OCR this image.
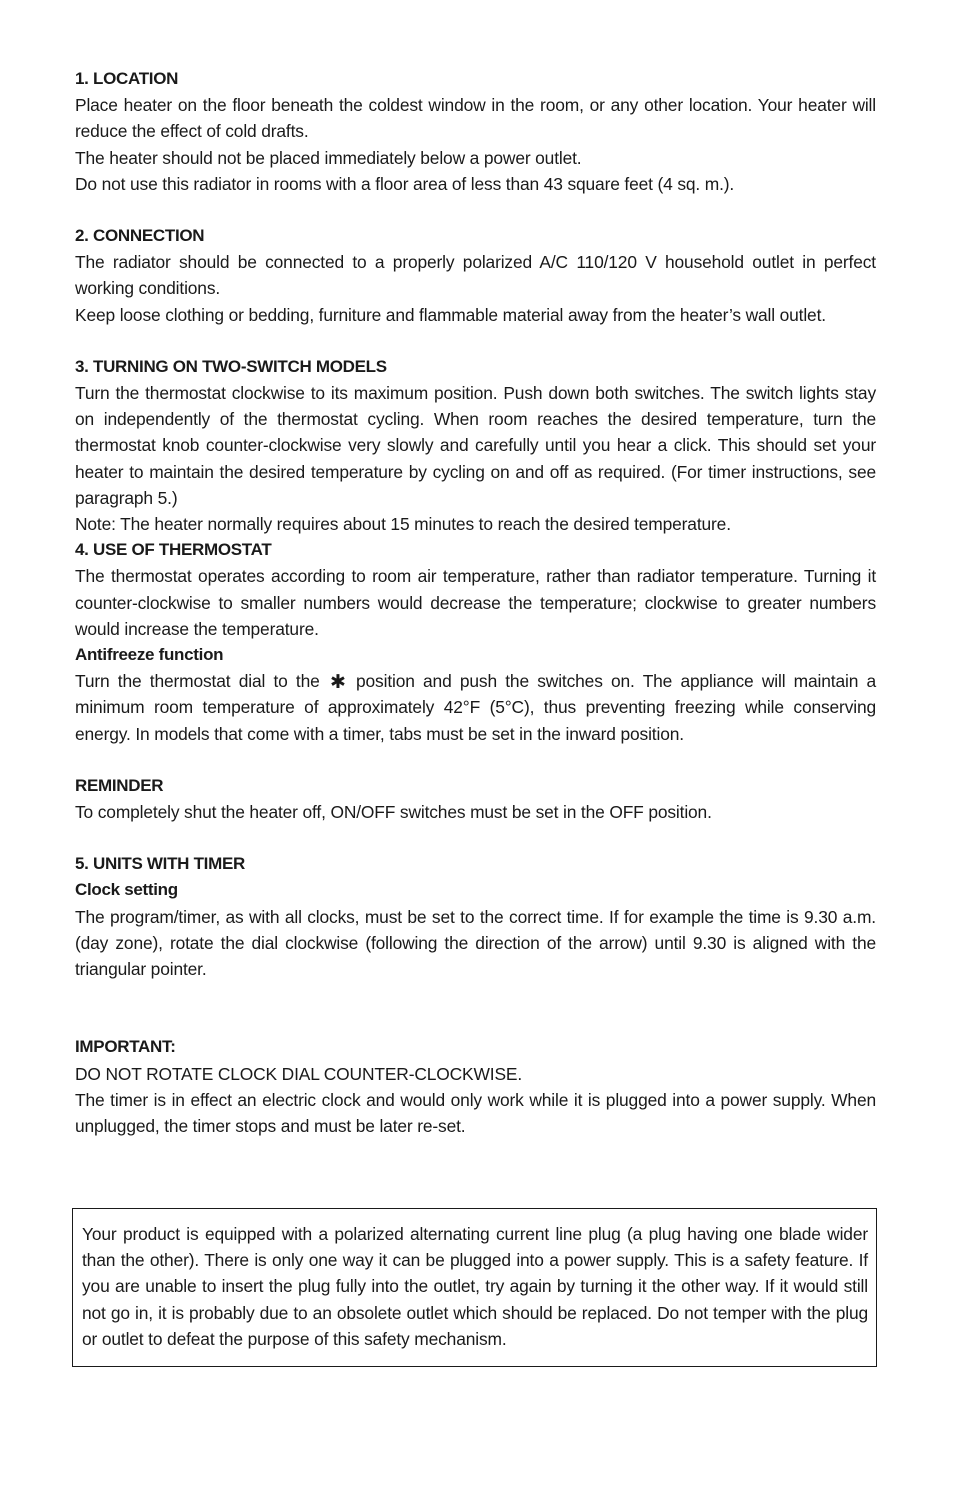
1. LOCATION

Place heater on the floor beneath the coldest window in the room, or any other location. Your heater will reduce the effect of cold drafts.

The heater should not be placed immediately below a power outlet.

Do not use this radiator in rooms with a floor area of less than 43 square feet (4 sq. m.).

2. CONNECTION

The radiator should be connected to a properly polarized A/C 110/120 V household outlet in perfect working conditions.

Keep loose clothing or bedding, furniture and flammable material away from the heater’s wall outlet.

3. TURNING ON TWO-SWITCH MODELS

Turn the thermostat clockwise to its maximum position. Push down both switches. The switch lights stay on independently of the thermostat cycling. When room reaches the desired temperature, turn the thermostat knob counter-clockwise very slowly and carefully until you hear a click. This should set your heater to maintain the desired temperature by cycling on and off as required. (For timer instructions, see paragraph 5.)

Note: The heater normally requires about 15 minutes to reach the desired temperature.

4. USE OF THERMOSTAT

The thermostat operates according to room air temperature, rather than radiator temperature. Turning it counter-clockwise to smaller numbers would decrease the temperature; clockwise to greater numbers would increase the temperature.

Antifreeze function

Turn the thermostat dial to the ✱ position and push the switches on. The appliance will maintain a minimum room temperature of approximately 42°F (5°C), thus preventing freezing while conserving energy. In models that come with a timer, tabs must be set in the inward position.

REMINDER

To completely shut the heater off, ON/OFF switches must be set in the OFF position.

5. UNITS WITH TIMER

Clock setting

The program/timer, as with all clocks, must be set to the correct time. If for example the time is 9.30 a.m. (day zone), rotate the dial clockwise (following the direction of the arrow) until 9.30 is aligned with the triangular pointer.

IMPORTANT:

DO NOT ROTATE CLOCK DIAL COUNTER-CLOCKWISE.

The timer is in effect an electric clock and would only work while it is plugged into a power supply. When unplugged, the timer stops and must be later re-set.

Your product is equipped with a polarized alternating current line plug (a plug having one blade wider than the other). There is only one way it can be plugged into a power supply. This is a safety feature. If you are unable to insert the plug fully into the outlet, try again by turning it the other way. If it would still not go in, it is probably due to an obsolete outlet which should be replaced. Do not temper with the plug or outlet to defeat the purpose of this safety mechanism.
